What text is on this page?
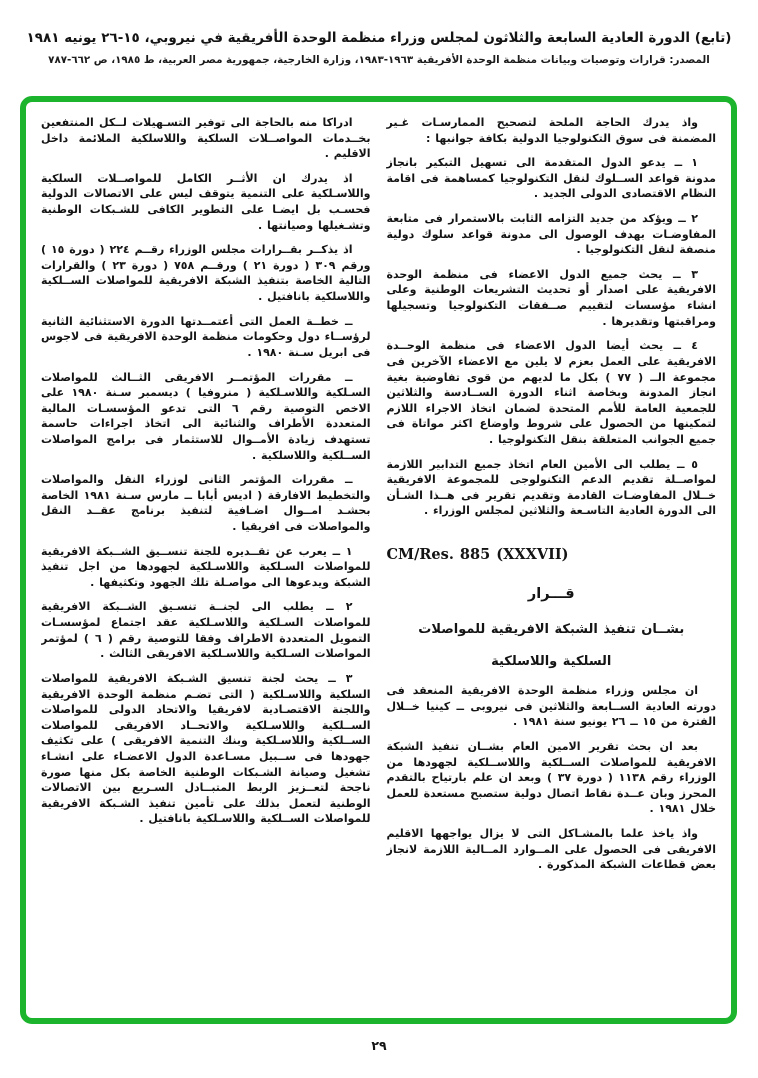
(تابع) الدورة العادية السابعة والثلاثون لمجلس وزراء منظمة الوحدة الأفريقية في نيروبي، ١٥-٢٦ يونيه ١٩٨١
المصدر: قرارات وتوصيات وبيانات منظمة الوحدة الأفريقية ١٩٦٣-١٩٨٣، وزارة الخارجية، جمهورية مصر العربية، ط ١٩٨٥، ص ٦٦٢-٧٨٧

واذ يدرك الحاجة الملحة لتصحيح الممارسـات غـير المضمنة فى سوق التكنولوجيا الدولية بكافة جوانبها :

١ ــ يدعو الدول المتقدمة الى تسهيل التبكير بانجاز مدونة قواعد الســلوك لنقل التكنولوجيا كمساهمة فى اقامة النظام الاقتصادى الدولى الجديد .

٢ ــ ويؤكد من جديد التزامه الثابت بالاستمرار فى متابعة المفاوضـات بهدف الوصول الى مدونة قواعد سلوك دولية منصفة لنقل التكنولوجيا .

٣ ــ يحث جميع الدول الاعضاء فى منظمة الوحدة الافريقية على اصدار أو تحديث التشريعات الوطنية وعلى انشاء مؤسسات لتقييم صــفقات التكنولوجيا وتسجيلها ومراقبتها وتقديرها .

٤ ــ يحث أيضا الدول الاعضاء فى منظمة الوحــدة الافريقية على العمل بعزم لا يلين مع الاعضاء الآخرين فى مجموعة الــ ( ٧٧ ) بكل ما لديهم من قوى تفاوضية بغية انجاز المدونة وبخاصة اثناء الدورة الســادسة والثلاثين للجمعية العامة للأمم المتحدة لضمان اتخاذ الاجراء اللازم لتمكينها من الحصول على شروط واوضاع اكثر مواتاة فى جميع الجوانب المتعلقة بنقل التكنولوجيا .

٥ ــ يطلب الى الأمين العام اتخاذ جميع التدابير اللازمة لمواصــلة تقديم الدعم التكنولوجى للمجموعة الافريقية خــلال المفاوضـات القادمة وتقديم تقرير فى هــذا الشـأن الى الدورة العادية التاسـعة والثلاثين لمجلس الوزراء .

CM/Res. 885 (XXXVII)

قـــرار

بشــان تنفيذ الشبكة الافريقية للمواصلات

السلكية واللاسلكية

ان مجلس وزراء منظمة الوحدة الافريقية المنعقد فى دورته العادية الســابعة والثلاثين فى نيروبى ــ كينيا خــلال الفترة من ١٥ ــ ٢٦ يونيو سنة ١٩٨١ .

بعد ان بحث تقرير الامين العام بشــان تنفيذ الشبكة الافريقية للمواصلات الســلكية واللاســلكية لجهودها من الوزراء رقم ١١٣٨ ( دورة ٣٧ ) وبعد ان علم بارتياح بالتقدم المحرز وبان عــدة نقاط اتصال دولية ستصبح مستعدة للعمل خلال ١٩٨١ .

واذ ياخذ علما بالمشـاكل التى لا يزال يواجهها الاقليم الافريقى فى الحصول على المــوارد المــالية اللازمة لانجاز بعض قطاعات الشبكة المذكورة .

ادراكا منه بالحاجة الى توفير التسـهيلات لــكل المنتفعين بخــدمات المواصــلات السلكية واللاسلكية الملائمة داخل الاقليم .

اذ يدرك ان الأثــر الكامل للمواصــلات السلكية واللاسـلكية على التنمية يتوقف ليس على الاتصالات الدولية فحسـب بل ايضـا على التطوير الكافى للشـبكات الوطنية وتشـغيلها وصيانتها .

اذ يذكــر بقــرارات مجلس الوزراء رقــم ٢٢٤ ( دورة ١٥ ) ورقم ٣٠٩ ( دورة ٢١ ) ورقــم ٧٥٨ ( دورة ٢٣ ) والقرارات التالية الخاصة بتنفيذ الشبكة الافريقية للمواصلات الســلكية واللاسلكية بانافتيل .

ــ خطــة العمل التى أعتمــدتها الدورة الاستثنائية الثانية لرؤســاء دول وحكومات منظمة الوحدة الافريقية فى لاجوس فى ابريل سـنة ١٩٨٠ .

ــ مقررات المؤتمــر الافريقى الثــالث للمواصلات السـلكية واللاسـلكية ( منروفيا ) ديسمبر سـنة ١٩٨٠ على الاخص التوصية رقم ٦ التى تدعو المؤسسـات المالية المتعددة الأطراف والثنائية الى اتخاذ اجراءات حاسمة تستهدف زيادة الأمــوال للاستثمار فى برامج المواصلات الســلكية واللاسلكية .

ــ مقررات المؤتمر الثانى لوزراء النقل والمواصلات والتخطيط الافارقة ( اديس أبابا ــ مارس سـنة ١٩٨١ الخاصة بحشـد امــوال اضـافية لتنفيذ برنامج عقــد النقل والمواصلات فى افريقيا .

١ ــ يعرب عن تقــديره للجنة تنســيق الشــبكة الافريقية للمواصلات السـلكية واللاسـلكية لجهودها من اجل تنفيذ الشبكة ويدعوها الى مواصـلة تلك الجهود وتكثيفها .

٢ ــ يطلب الى لجنــة تنسـيق الشــبكة الافريقية للمواصلات السـلكية واللاسـلكية عقد اجتماع لمؤسسـات التمويل المتعددة الاطراف وفقا للتوصية رقم ( ٦ ) لمؤتمر المواصلات السـلكية واللاسـلكية الافريقى الثالث .

٣ ــ يحث لجنة تنسيق الشـبكة الافريقية للمواصلات السلكية واللاسـلكية ( التى تضـم منظمة الوحدة الافريقية واللجنة الاقتصـادية لافريقيا والاتحاد الدولى للمواصلات الســلكية واللاسـلكية والاتحــاد الافريقى للمواصلات الســلكية واللاسـلكية وبنك التنمية الافريقى ) على تكثيف جهودها فى ســبيل مسـاعدة الدول الاعضـاء على انشـاء تشغيل وصيانة الشـبكات الوطنية الخاصة بكل منها صورة ناجحة لتعــزيز الربط المتبــادل السـريع بين الاتصالات الوطنية لتعمل بذلك على تأمين تنفيذ الشـبكة الافريقية للمواصلات الســلكية واللاسـلكية بانافتيل .

٢٩
